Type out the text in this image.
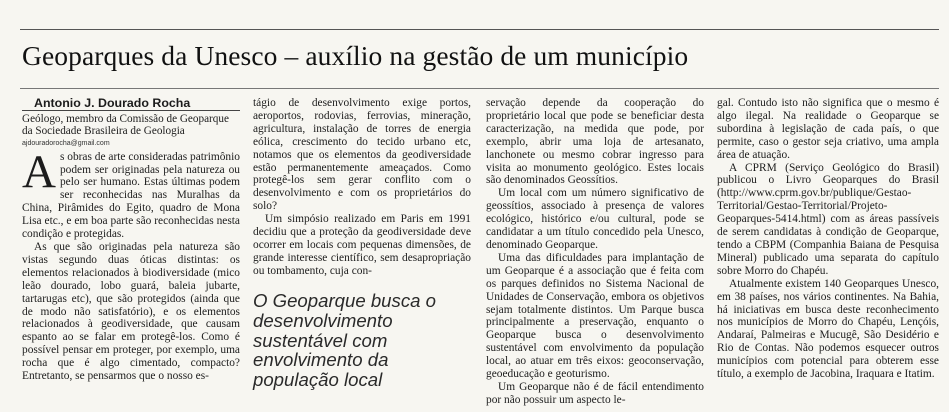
Geoparques da Unesco – auxílio na gestão de um município

Antonio J. Dourado Rocha

Geólogo, membro da Comissão de Geoparque da Sociedade Brasileira de Geologia

ajdouradorocha@gmail.com

As obras de arte consideradas patrimônio podem ser originadas pela natureza ou pelo ser humano. Estas últimas podem ser reconhecidas nas Muralhas da China, Pirâmides do Egito, quadro de Mona Lisa etc., e em boa parte são reconhecidas nesta condição e protegidas.

As que são originadas pela natureza são vistas segundo duas óticas distintas: os elementos relacionados à biodiversidade (mico leão dourado, lobo guará, baleia jubarte, tartarugas etc), que são protegidos (ainda que de modo não satisfatório), e os elementos relacionados à geodiversidade, que causam espanto ao se falar em protegê-los. Como é possível pensar em proteger, por exemplo, uma rocha que é algo cimentado, compacto? Entretanto, se pensarmos que o nosso es-

tágio de desenvolvimento exige portos, aeroportos, rodovias, ferrovias, mineração, agricultura, instalação de torres de energia eólica, crescimento do tecido urbano etc, notamos que os elementos da geodiversidade estão permanentemente ameaçados. Como protegê-los sem gerar conflito com o desenvolvimento e com os proprietários do solo?

Um simpósio realizado em Paris em 1991 decidiu que a proteção da geodiversidade deve ocorrer em locais com pequenas dimensões, de grande interesse científico, sem desapropriação ou tombamento, cuja con-

O Geoparque busca o desenvolvimento sustentável com envolvimento da população local

servação depende da cooperação do proprietário local que pode se beneficiar desta caracterização, na medida que pode, por exemplo, abrir uma loja de artesanato, lanchonete ou mesmo cobrar ingresso para visita ao monumento geológico. Estes locais são denominados Geossítios.

Um local com um número significativo de geossítios, associado à presença de valores ecológico, histórico e/ou cultural, pode se candidatar a um título concedido pela Unesco, denominado Geoparque.

Uma das dificuldades para implantação de um Geoparque é a associação que é feita com os parques definidos no Sistema Nacional de Unidades de Conservação, embora os objetivos sejam totalmente distintos. Um Parque busca principalmente a preservação, enquanto o Geoparque busca o desenvolvimento sustentável com envolvimento da população local, ao atuar em três eixos: geoconservação, geoeducação e geoturismo.

Um Geoparque não é de fácil entendimento por não possuir um aspecto le-

gal. Contudo isto não significa que o mesmo é algo ilegal. Na realidade o Geoparque se subordina à legislação de cada país, o que permite, caso o gestor seja criativo, uma ampla área de atuação.

A CPRM (Serviço Geológico do Brasil) publicou o Livro Geoparques do Brasil (http://www.cprm.gov.br/publique/Gestao-Territorial/Gestao-Territorial/Projeto-Geoparques-5414.html) com as áreas passíveis de serem candidatas à condição de Geoparque, tendo a CBPM (Companhia Baiana de Pesquisa Mineral) publicado uma separata do capítulo sobre Morro do Chapéu.

Atualmente existem 140 Geoparques Unesco, em 38 países, nos vários continentes. Na Bahia, há iniciativas em busca deste reconhecimento nos municípios de Morro do Chapéu, Lençóis, Andaraí, Palmeiras e Mucugê, São Desidério e Rio de Contas. Não podemos esquecer outros municípios com potencial para obterem esse título, a exemplo de Jacobina, Iraquara e Itatim.
